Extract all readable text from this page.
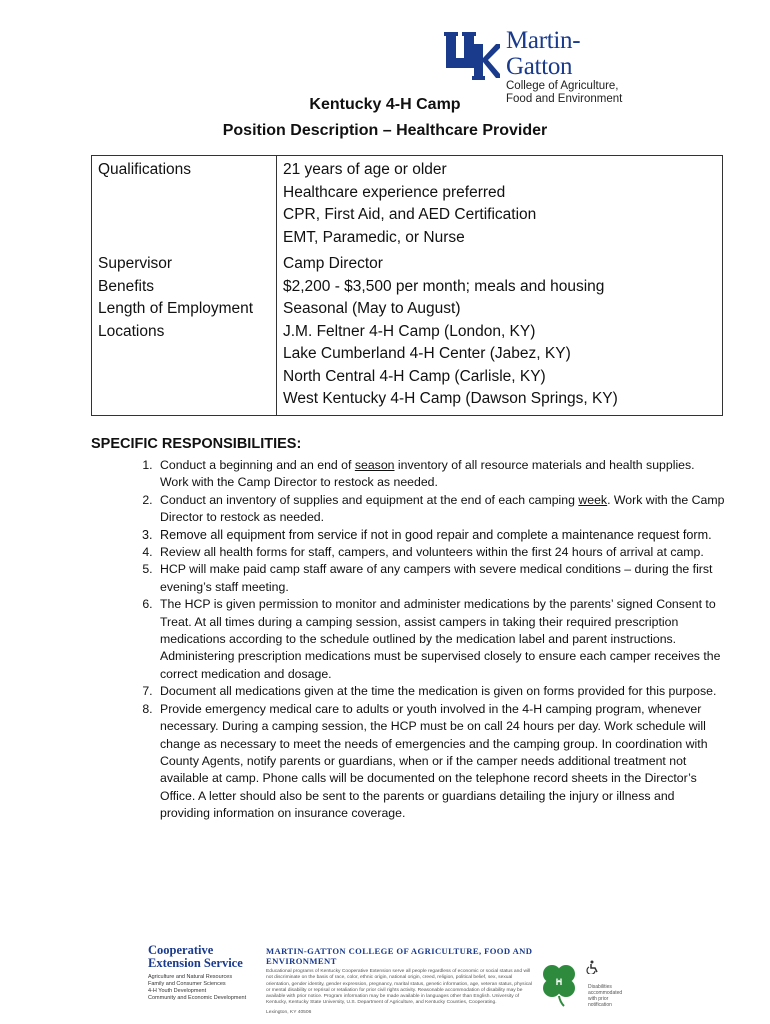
Martin-Gatton
College of Agriculture,
Food and Environment
Kentucky 4-H Camp
Position Description – Healthcare Provider
Qualifications	21 years of age or older
Healthcare experience preferred
CPR, First Aid, and AED Certification
EMT, Paramedic, or Nurse

Supervisor	Camp Director
Benefits	$2,200 - $3,500 per month; meals and housing
Length of Employment	Seasonal (May to August)
Locations	J.M. Feltner 4-H Camp (London, KY)
Lake Cumberland 4-H Center (Jabez, KY)
North Central 4-H Camp (Carlisle, KY)
West Kentucky 4-H Camp (Dawson Springs, KY)
SPECIFIC RESPONSIBILITIES:
1. Conduct a beginning and an end of season inventory of all resource materials and health supplies. Work with the Camp Director to restock as needed.
2. Conduct an inventory of supplies and equipment at the end of each camping week. Work with the Camp Director to restock as needed.
3. Remove all equipment from service if not in good repair and complete a maintenance request form.
4. Review all health forms for staff, campers, and volunteers within the first 24 hours of arrival at camp.
5. HCP will make paid camp staff aware of any campers with severe medical conditions – during the first evening’s staff meeting.
6. The HCP is given permission to monitor and administer medications by the parents’ signed Consent to Treat. At all times during a camping session, assist campers in taking their required prescription medications according to the schedule outlined by the medication label and parent instructions. Administering prescription medications must be supervised closely to ensure each camper receives the correct medication and dosage.
7. Document all medications given at the time the medication is given on forms provided for this purpose.
8. Provide emergency medical care to adults or youth involved in the 4-H camping program, whenever necessary. During a camping session, the HCP must be on call 24 hours per day. Work schedule will change as necessary to meet the needs of emergencies and the camping group. In coordination with County Agents, notify parents or guardians, when or if the camper needs additional treatment not available at camp. Phone calls will be documented on the telephone record sheets in the Director’s Office. A letter should also be sent to the parents or guardians detailing the injury or illness and providing information on insurance coverage.
Cooperative
Extension Service
Agriculture and Natural Resources
Family and Consumer Sciences
4-H Youth Development
Community and Economic Development
MARTIN-GATTON COLLEGE OF AGRICULTURE, FOOD AND ENVIRONMENT
Educational programs of Kentucky Cooperative Extension serve all people regardless of economic or social status and will not discriminate on the basis of race, color, ethnic origin, national origin, creed, religion, political belief, sex, sexual orientation, gender identity, gender expression, pregnancy, marital status, genetic information, age, veteran status, physical or mental disability or reprisal or retaliation for prior civil rights activity. Reasonable accommodation of disability may be available with prior notice. Program information may be made available in languages other than English. University of Kentucky, Kentucky State University, U.S. Department of Agriculture, and Kentucky Counties, Cooperating.
Lexington, KY 40506
H	Disabilities accommodated with prior notification
